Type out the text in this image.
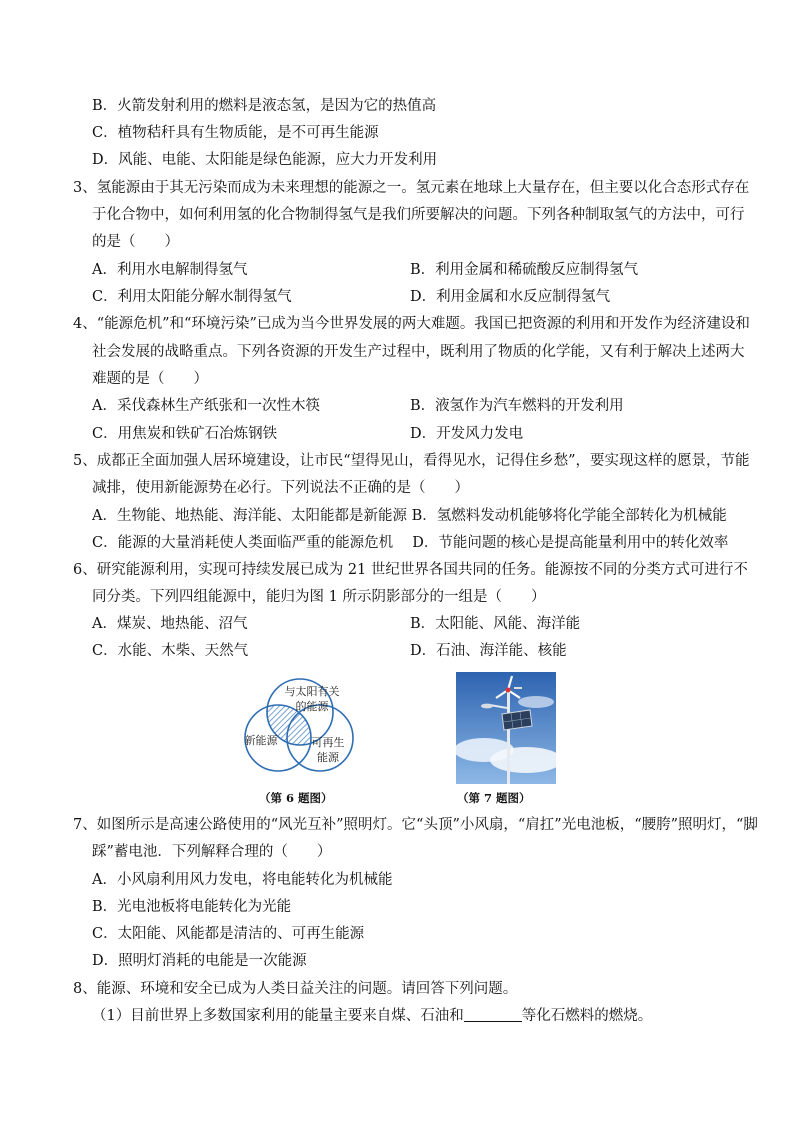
B．火箭发射利用的燃料是液态氢，是因为它的热值高
C．植物秸秆具有生物质能，是不可再生能源
D．风能、电能、太阳能是绿色能源，应大力开发利用
3、氢能源由于其无污染而成为未来理想的能源之一。氢元素在地球上大量存在，但主要以化合态形式存在
于化合物中，如何利用氢的化合物制得氢气是我们所要解决的问题。下列各种制取氢气的方法中，可行
的是（　　）
A．利用水电解制得氢气	B．利用金属和稀硫酸反应制得氢气
C．利用太阳能分解水制得氢气	D．利用金属和水反应制得氢气
4、“能源危机”和“环境污染”已成为当今世界发展的两大难题。我国已把资源的利用和开发作为经济建设和
社会发展的战略重点。下列各资源的开发生产过程中，既利用了物质的化学能，又有利于解决上述两大
难题的是（　　）
A．采伐森林生产纸张和一次性木筷	B．液氢作为汽车燃料的开发利用
C．用焦炭和铁矿石冶炼钢铁	D．开发风力发电
5、成都正全面加强人居环境建设，让市民“望得见山，看得见水，记得住乡愁”，要实现这样的愿景，节能
减排，使用新能源势在必行。下列说法不正确的是（　　）
A．生物能、地热能、海洋能、太阳能都是新能源 B．氢燃料发动机能够将化学能全部转化为机械能
C．能源的大量消耗使人类面临严重的能源危机　 D．节能问题的核心是提高能量利用中的转化效率
6、研究能源利用，实现可持续发展已成为 21 世纪世界各国共同的任务。能源按不同的分类方式可进行不
同分类。下列四组能源中，能归为图 1 所示阴影部分的一组是（　　）
A．煤炭、地热能、沼气	B．太阳能、风能、海洋能
C．水能、木柴、天然气	D．石油、海洋能、核能
与太阳有关
的能源
新能源	可再生
能源
（第 6 题图）	（第 7 题图）
7、如图所示是高速公路使用的“风光互补”照明灯。它“头顶”小风扇，“肩扛”光电池板，“腰胯”照明灯，“脚
踩”蓄电池．下列解释合理的（　　）
A．小风扇利用风力发电，将电能转化为机械能
B．光电池板将电能转化为光能
C．太阳能、风能都是清洁的、可再生能源
D．照明灯消耗的电能是一次能源
8、能源、环境和安全已成为人类日益关注的问题。请回答下列问题。
（1）目前世界上多数国家利用的能量主要来自煤、石油和	等化石燃料的燃烧。
